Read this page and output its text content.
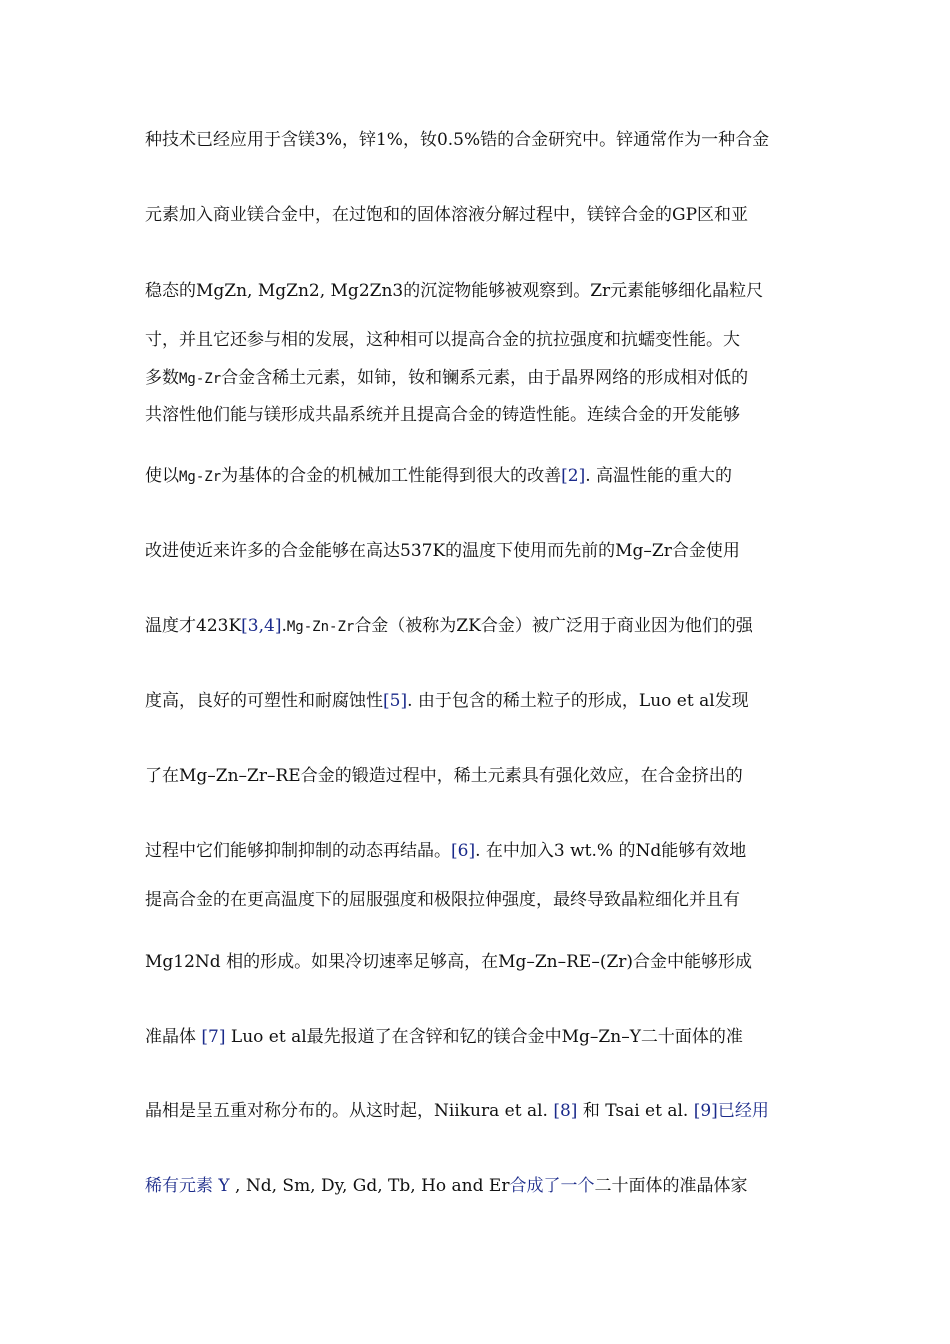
种技术已经应用于含镁3%，锌1%，钕0.5%锆的合金研究中。锌通常作为一种合金
元素加入商业镁合金中，在过饱和的固体溶液分解过程中，镁锌合金的GP区和亚
稳态的MgZn, MgZn2, Mg2Zn3的沉淀物能够被观察到。Zr元素能够细化晶粒尺
寸，并且它还参与相的发展，这种相可以提高合金的抗拉强度和抗蠕变性能。大
多数Mg-Zr合金含稀土元素，如铈，钕和镧系元素，由于晶界网络的形成相对低的
共溶性他们能与镁形成共晶系统并且提高合金的铸造性能。连续合金的开发能够
使以Mg-Zr为基体的合金的机械加工性能得到很大的改善[2]. 高温性能的重大的
改进使近来许多的合金能够在高达537K的温度下使用而先前的Mg–Zr合金使用
温度才423K[3,4].Mg-Zn-Zr合金（被称为ZK合金）被广泛用于商业因为他们的强
度高，良好的可塑性和耐腐蚀性[5]. 由于包含的稀土粒子的形成，Luo et al发现
了在Mg–Zn–Zr–RE合金的锻造过程中，稀土元素具有强化效应，在合金挤出的
过程中它们能够抑制抑制的动态再结晶。[6]. 在中加入3 wt.% 的Nd能够有效地
提高合金的在更高温度下的屈服强度和极限拉伸强度，最终导致晶粒细化并且有
Mg12Nd 相的形成。如果冷切速率足够高，在Mg–Zn–RE–(Zr)合金中能够形成
准晶体 [7] Luo et al最先报道了在含锌和钇的镁合金中Mg–Zn–Y二十面体的准
晶相是呈五重对称分布的。从这时起，Niikura et al. [8] 和 Tsai et al. [9]已经用
稀有元素 Y , Nd, Sm, Dy, Gd, Tb, Ho and Er合成了一个二十面体的准晶体家
